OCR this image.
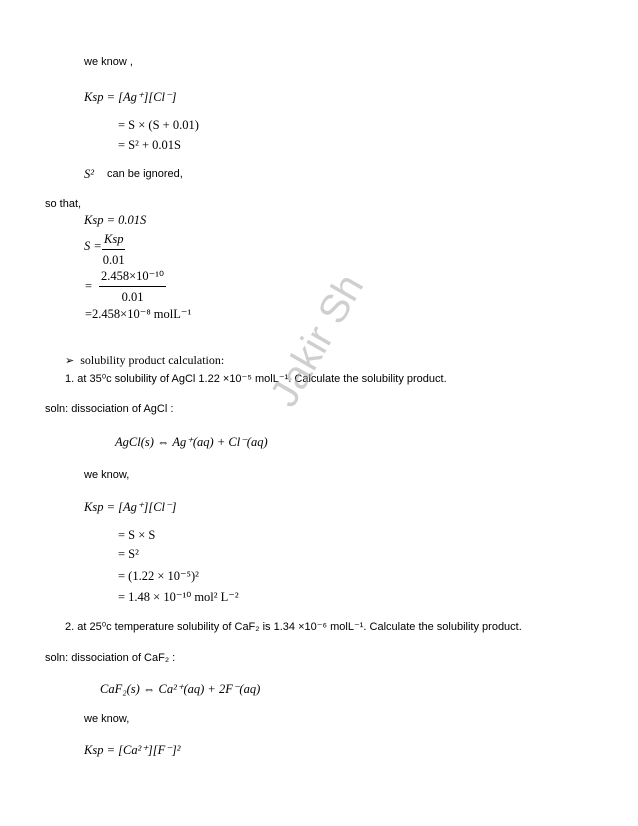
we know ,
Ksp = [Ag⁺][Cl⁻]
= S × (S + 0.01)
= S² + 0.01S
S² can be ignored,
so that,
Ksp = 0.01S
S = Ksp
0.01
= $\frac{\text{2.458×10⁻¹⁰}}{0.01}$
=2.458×10⁻⁸ molL⁻¹
➢ solubility product calculation:
1. at 35⁰c solubility of AgCl 1.22 ×10⁻⁵ molL⁻¹. Calculate the solubility product.
soln: dissociation of AgCl :
AgCl(s) ⇔ Ag⁺(aq) + Cl⁻(aq)
we know,
Ksp = [Ag⁺][Cl⁻]
= S × S
= S²
= (1.22 × 10⁻⁵)²
= 1.48 × 10⁻¹⁰ mol² L⁻²
2. at 25⁰c temperature solubility of CaF₂ is 1.34 ×10⁻⁶ molL⁻¹. Calculate the solubility product.
soln: dissociation of CaF₂ :
CaF₂(s) ⇔ Ca²⁺(aq) + 2F⁻(aq)
we know,
Ksp = [Ca²⁺][F⁻]²
Jakir Sh
